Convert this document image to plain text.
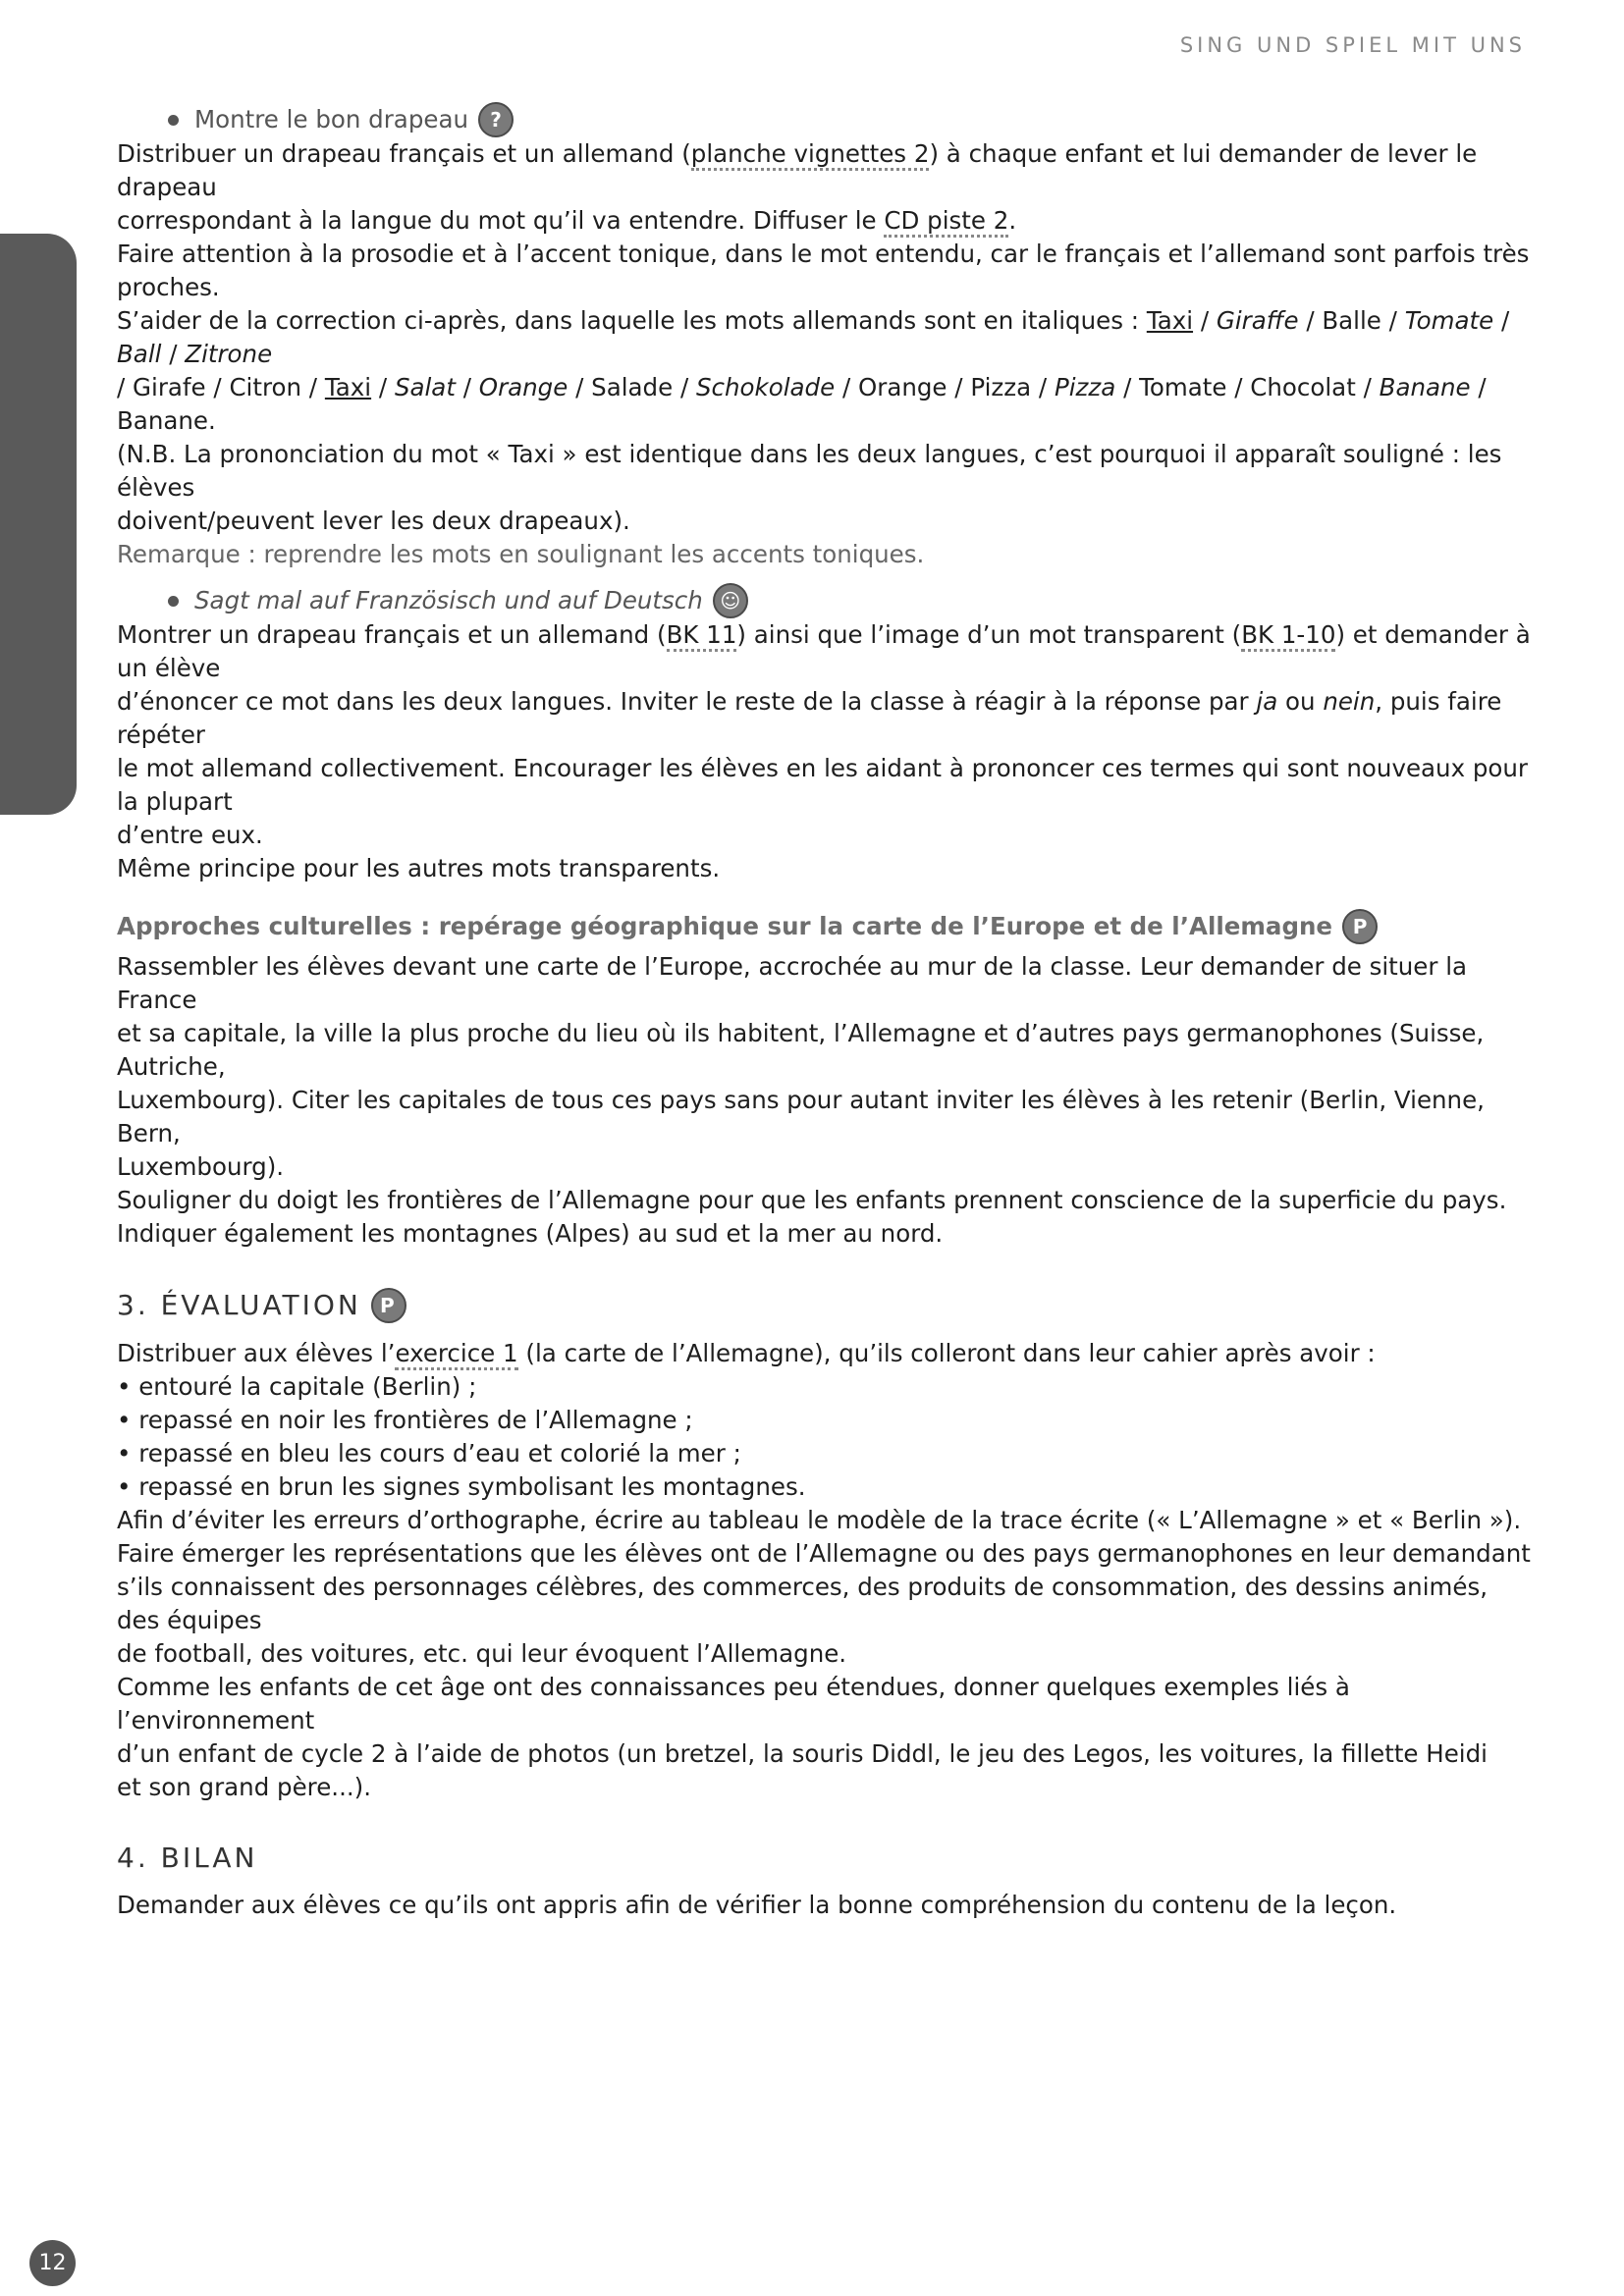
SING UND SPIEL MIT UNS
12

Montre le bon drapeau	?

Distribuer un drapeau français et un allemand (planche vignettes 2) à chaque enfant et lui demander de lever le drapeau

correspondant à la langue du mot qu’il va entendre. Diffuser le CD piste 2.

Faire attention à la prosodie et à l’accent tonique, dans le mot entendu, car le français et l’allemand sont parfois très proches.

S’aider de la correction ci-après, dans laquelle les mots allemands sont en italiques : Taxi / Giraffe / Balle / Tomate / Ball / Zitrone

/ Girafe / Citron / Taxi / Salat / Orange / Salade / Schokolade / Orange / Pizza / Pizza / Tomate / Chocolat / Banane / Banane.

(N.B. La prononciation du mot « Taxi » est identique dans les deux langues, c’est pourquoi il apparaît souligné : les élèves

doivent/peuvent lever les deux drapeaux).

Remarque : reprendre les mots en soulignant les accents toniques.

Sagt mal auf Französisch und auf Deutsch ☺

Montrer un drapeau français et un allemand (BK 11) ainsi que l’image d’un mot transparent (BK 1-10) et demander à un élève

d’énoncer ce mot dans les deux langues. Inviter le reste de la classe à réagir à la réponse par ja ou nein, puis faire répéter

le mot allemand collectivement. Encourager les élèves en les aidant à prononcer ces termes qui sont nouveaux pour la plupart

d’entre eux.

Même principe pour les autres mots transparents.

Approches culturelles : repérage géographique sur la carte de l’Europe et de l’Allemagne	P

Rassembler les élèves devant une carte de l’Europe, accrochée au mur de la classe. Leur demander de situer la France

et sa capitale, la ville la plus proche du lieu où ils habitent, l’Allemagne et d’autres pays germanophones (Suisse, Autriche,

Luxembourg). Citer les capitales de tous ces pays sans pour autant inviter les élèves à les retenir (Berlin, Vienne, Bern,

Luxembourg).

Souligner du doigt les frontières de l’Allemagne pour que les enfants prennent conscience de la superficie du pays.

Indiquer également les montagnes (Alpes) au sud et la mer au nord.

3. ÉVALUATION P

Distribuer aux élèves l’exercice 1 (la carte de l’Allemagne), qu’ils colleront dans leur cahier après avoir :

• entouré la capitale (Berlin) ;

• repassé en noir les frontières de l’Allemagne ;

• repassé en bleu les cours d’eau et colorié la mer ;

• repassé en brun les signes symbolisant les montagnes.

Afin d’éviter les erreurs d’orthographe, écrire au tableau le modèle de la trace écrite (« L’Allemagne » et « Berlin »).

Faire émerger les représentations que les élèves ont de l’Allemagne ou des pays germanophones en leur demandant

s’ils connaissent des personnages célèbres, des commerces, des produits de consommation, des dessins animés, des équipes

de football, des voitures, etc. qui leur évoquent l’Allemagne.

Comme les enfants de cet âge ont des connaissances peu étendues, donner quelques exemples liés à l’environnement

d’un enfant de cycle 2 à l’aide de photos (un bretzel, la souris Diddl, le jeu des Legos, les voitures, la fillette Heidi

et son grand père...).

4. BILAN

Demander aux élèves ce qu’ils ont appris afin de vérifier la bonne compréhension du contenu de la leçon.
